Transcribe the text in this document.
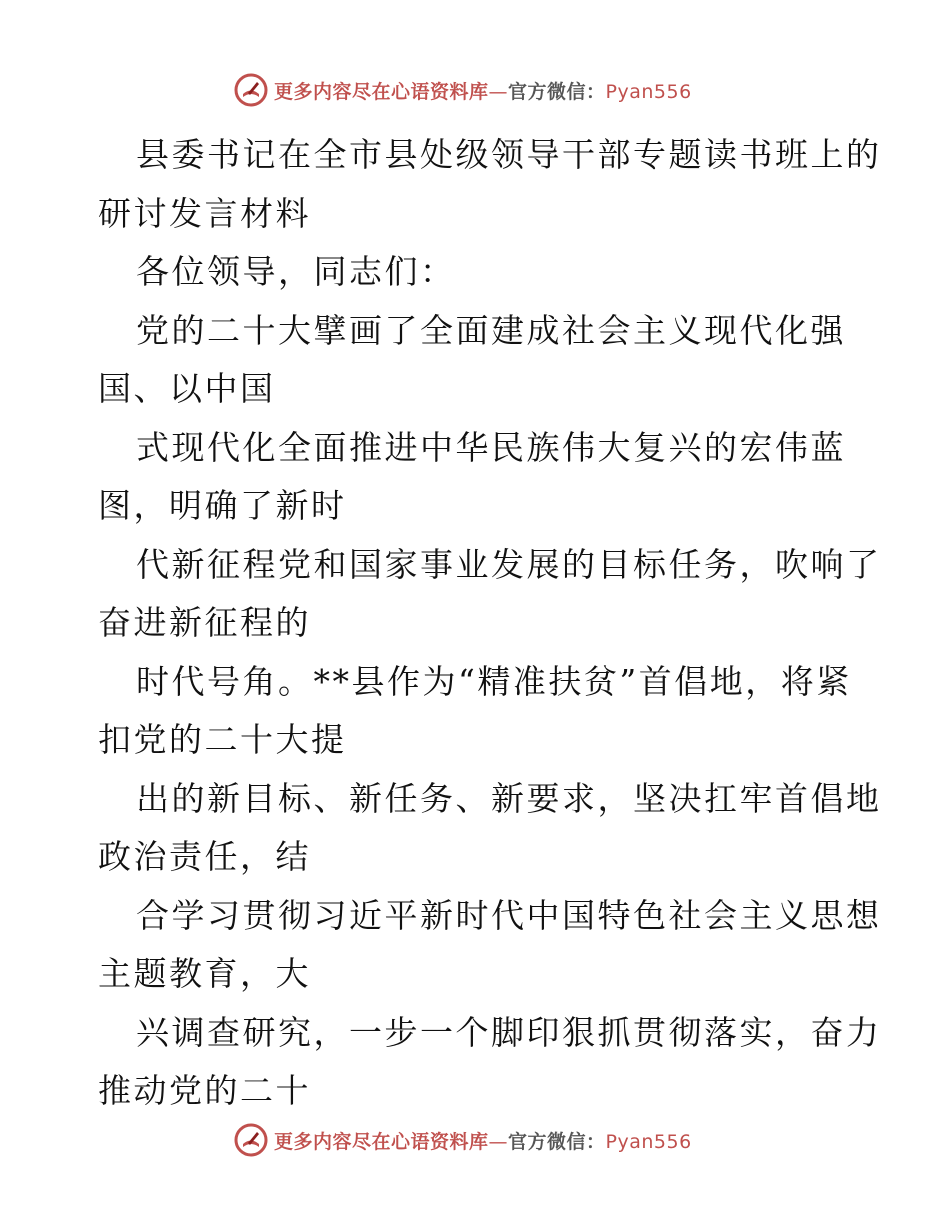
更多内容尽在心语资料库—官方微信：Pyan556
县委书记在全市县处级领导干部专题读书班上的
研讨发言材料
各位领导，同志们：
党的二十大擘画了全面建成社会主义现代化强
国、以中国
式现代化全面推进中华民族伟大复兴的宏伟蓝
图，明确了新时
代新征程党和国家事业发展的目标任务，吹响了
奋进新征程的
时代号角。**县作为“精准扶贫”首倡地，将紧
扣党的二十大提
出的新目标、新任务、新要求，坚决扛牢首倡地
政治责任，结
合学习贯彻习近平新时代中国特色社会主义思想
主题教育，大
兴调查研究，一步一个脚印狠抓贯彻落实，奋力
推动党的二十
更多内容尽在心语资料库—官方微信：Pyan556
